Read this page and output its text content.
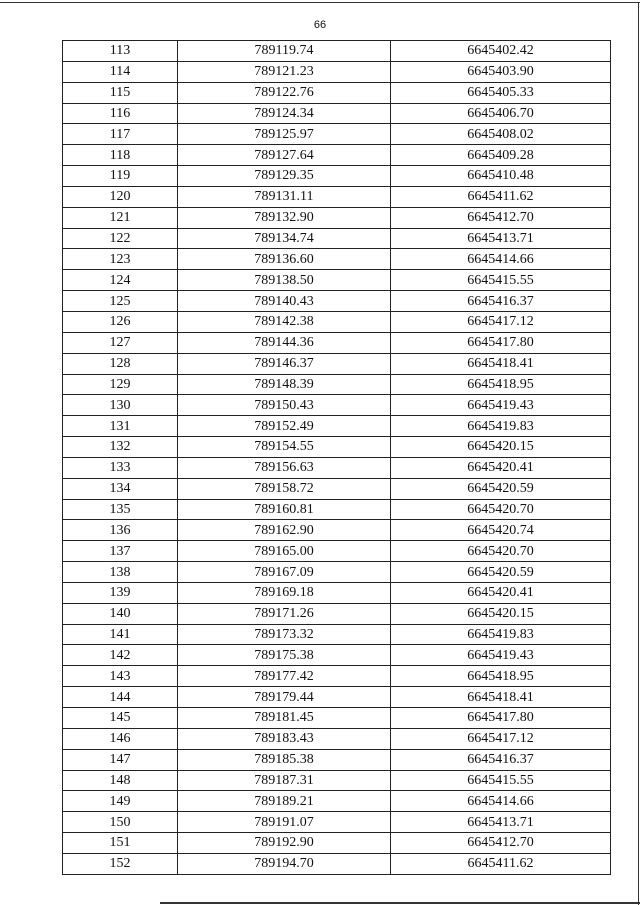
66
113	789119.74	6645402.42
114	789121.23	6645403.90
115	789122.76	6645405.33
116	789124.34	6645406.70
117	789125.97	6645408.02
118	789127.64	6645409.28
119	789129.35	6645410.48
120	789131.11	6645411.62
121	789132.90	6645412.70
122	789134.74	6645413.71
123	789136.60	6645414.66
124	789138.50	6645415.55
125	789140.43	6645416.37
126	789142.38	6645417.12
127	789144.36	6645417.80
128	789146.37	6645418.41
129	789148.39	6645418.95
130	789150.43	6645419.43
131	789152.49	6645419.83
132	789154.55	6645420.15
133	789156.63	6645420.41
134	789158.72	6645420.59
135	789160.81	6645420.70
136	789162.90	6645420.74
137	789165.00	6645420.70
138	789167.09	6645420.59
139	789169.18	6645420.41
140	789171.26	6645420.15
141	789173.32	6645419.83
142	789175.38	6645419.43
143	789177.42	6645418.95
144	789179.44	6645418.41
145	789181.45	6645417.80
146	789183.43	6645417.12
147	789185.38	6645416.37
148	789187.31	6645415.55
149	789189.21	6645414.66
150	789191.07	6645413.71
151	789192.90	6645412.70
152	789194.70	6645411.62
